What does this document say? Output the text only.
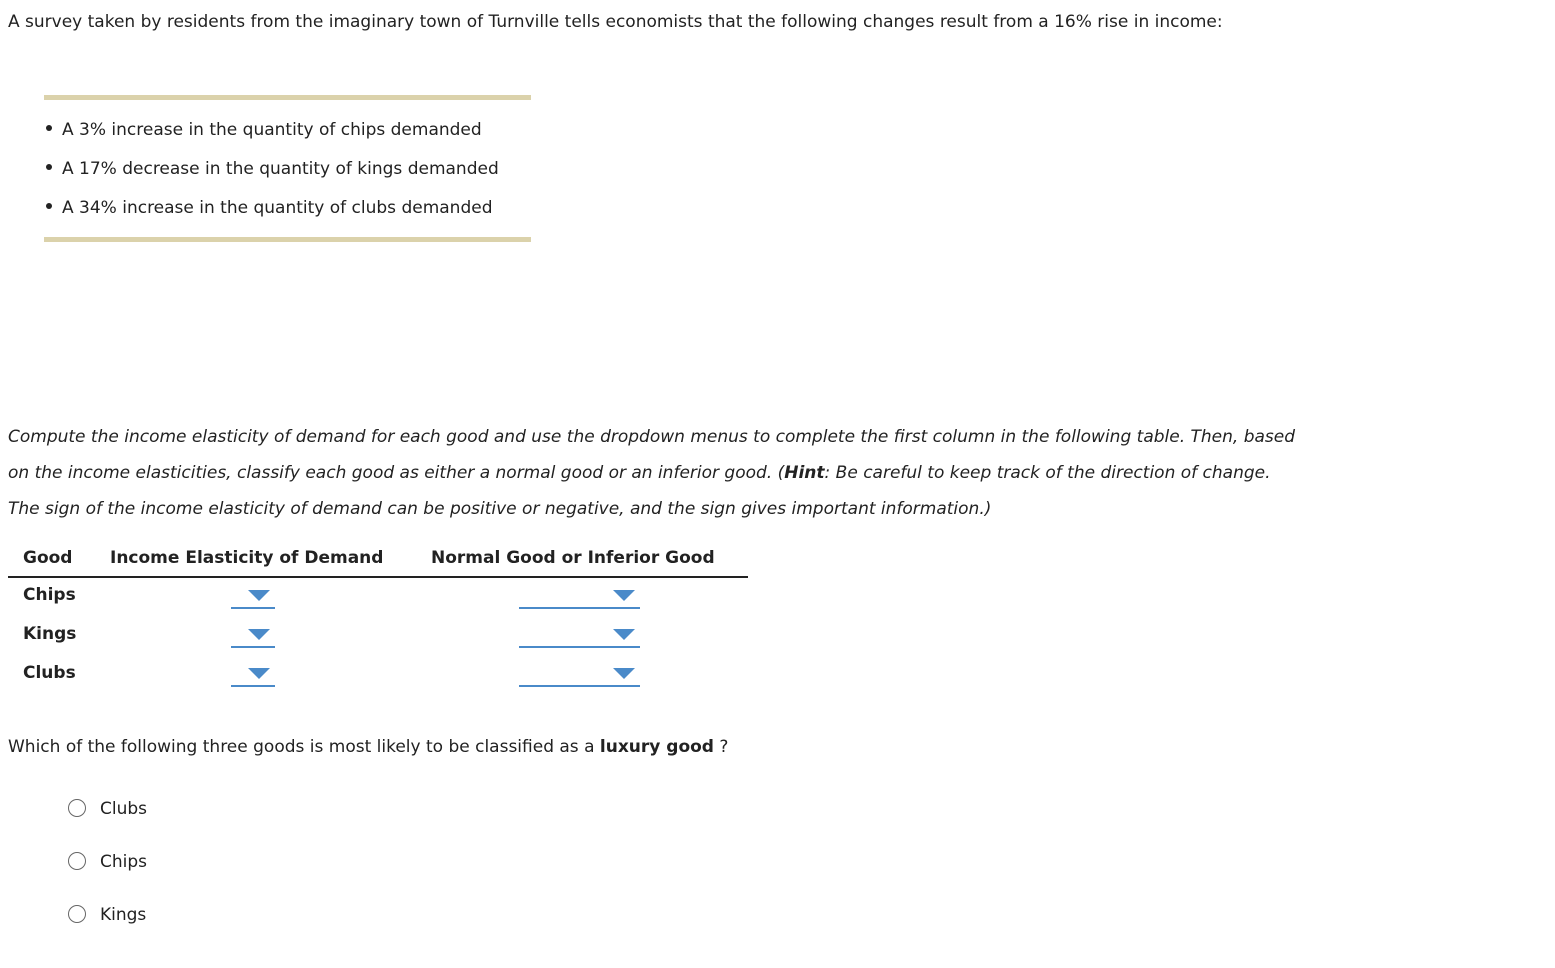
A survey taken by residents from the imaginary town of Turnville tells economists that the following changes result from a 16% rise in income:
A 3% increase in the quantity of chips demanded
A 17% decrease in the quantity of kings demanded
A 34% increase in the quantity of clubs demanded

Compute the income elasticity of demand for each good and use the dropdown menus to complete the first column in the following table. Then, based

on the income elasticities, classify each good as either a normal good or an inferior good. (Hint: Be careful to keep track of the direction of change.

The sign of the income elasticity of demand can be positive or negative, and the sign gives important information.)

Good Income Elasticity of Demand	Normal Good or Inferior Good
Chips
Kings
Clubs
Which of the following three goods is most likely to be classified as a luxury good ?
Clubs
Chips
Kings
